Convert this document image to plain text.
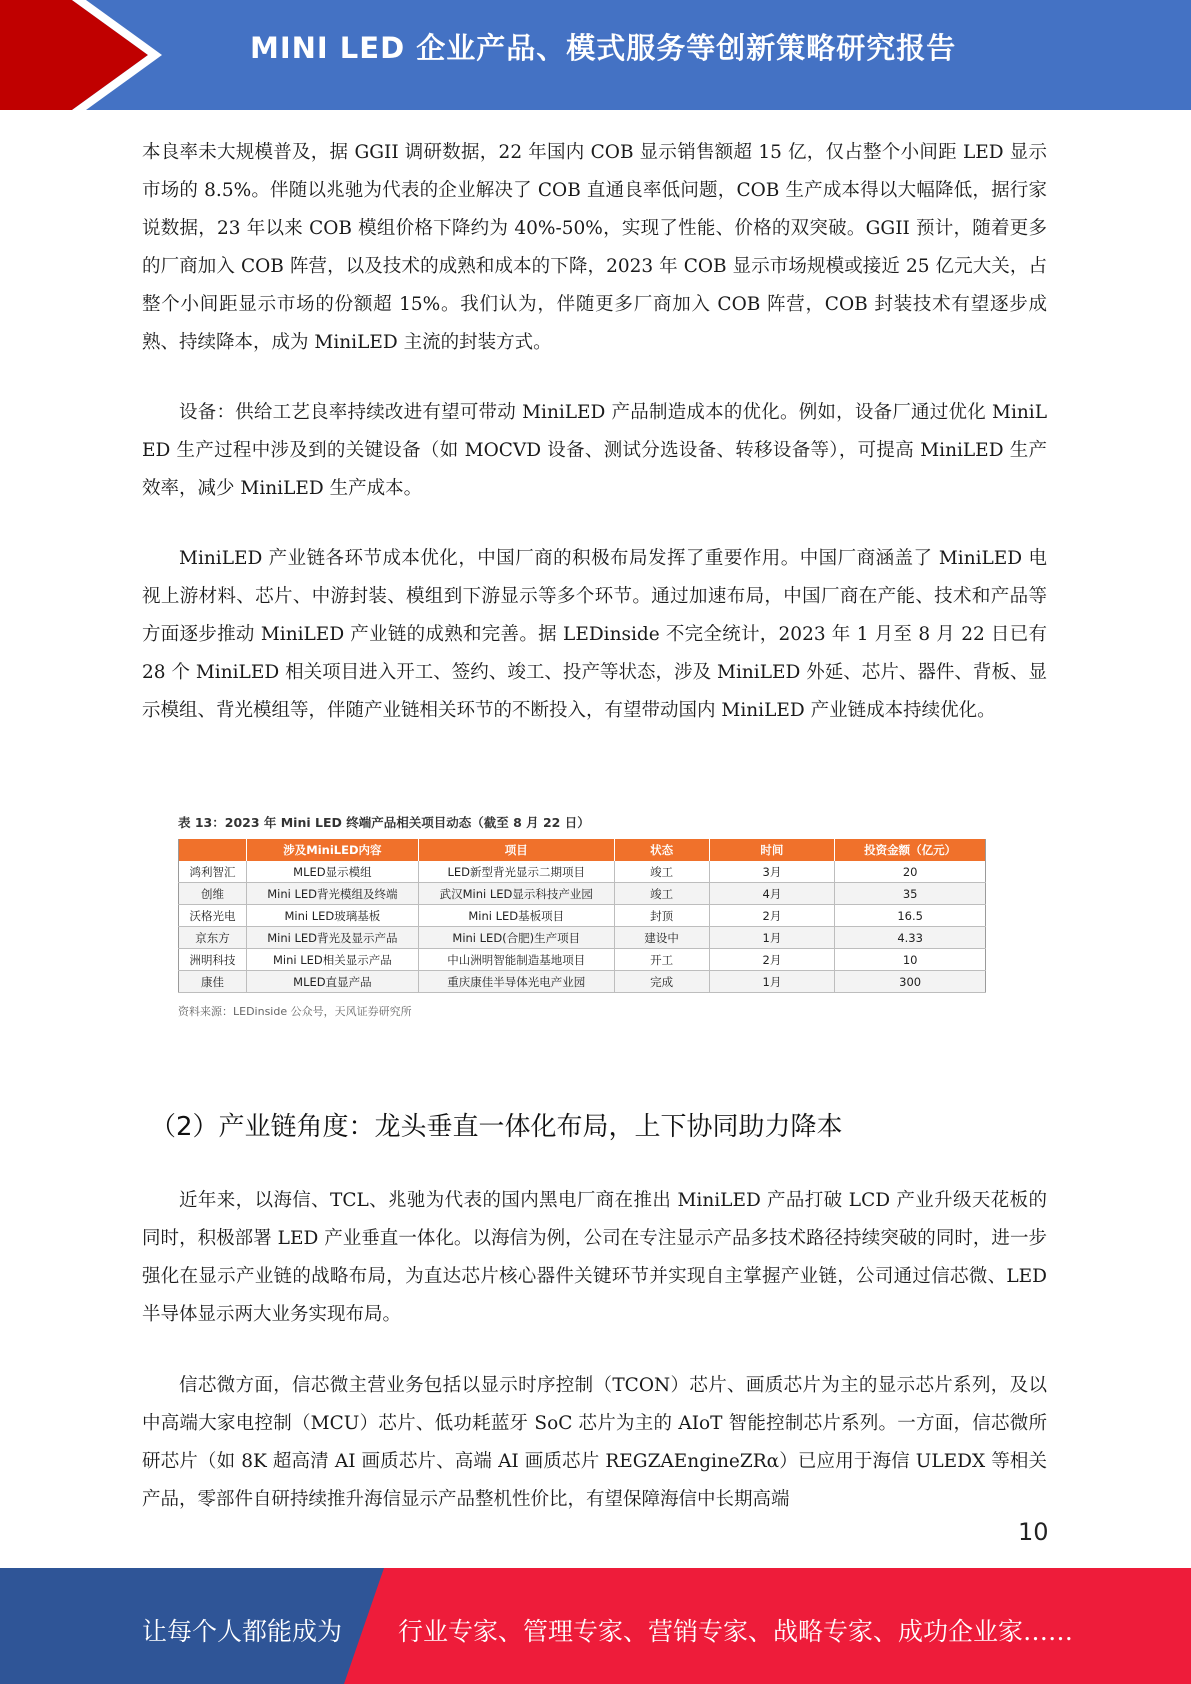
MINI LED 企业产品、模式服务等创新策略研究报告

本良率未大规模普及，据 GGII 调研数据，22 年国内 COB 显示销售额超 15 亿，仅占整个小间距 LED 显示市场的 8.5%。伴随以兆驰为代表的企业解决了 COB 直通良率低问题，COB 生产成本得以大幅降低，据行家说数据，23 年以来 COB 模组价格下降约为 40%-50%，实现了性能、价格的双突破。GGII 预计，随着更多的厂商加入 COB 阵营，以及技术的成熟和成本的下降，2023 年 COB 显示市场规模或接近 25 亿元大关，占整个小间距显示市场的份额超 15%。我们认为，伴随更多厂商加入 COB 阵营，COB 封装技术有望逐步成熟、持续降本，成为 MiniLED 主流的封装方式。

设备：供给工艺良率持续改进有望可带动 MiniLED 产品制造成本的优化。例如，设备厂通过优化 MiniLED 生产过程中涉及到的关键设备（如 MOCVD 设备、测试分选设备、转移设备等），可提高 MiniLED 生产效率，减少 MiniLED 生产成本。

MiniLED 产业链各环节成本优化，中国厂商的积极布局发挥了重要作用。中国厂商涵盖了 MiniLED 电视上游材料、芯片、中游封装、模组到下游显示等多个环节。通过加速布局，中国厂商在产能、技术和产品等方面逐步推动 MiniLED 产业链的成熟和完善。据 LEDinside 不完全统计，2023 年 1 月至 8 月 22 日已有 28 个 MiniLED 相关项目进入开工、签约、竣工、投产等状态，涉及 MiniLED 外延、芯片、器件、背板、显示模组、背光模组等，伴随产业链相关环节的不断投入，有望带动国内 MiniLED 产业链成本持续优化。

表 13：2023 年 Mini LED 终端产品相关项目动态（截至 8 月 22 日）
	涉及MiniLED内容	项目	状态	时间	投资金额（亿元）
鸿利智汇	MLED显示模组	LED新型背光显示二期项目	竣工	3月	20
创维	Mini LED背光模组及终端	武汉Mini LED显示科技产业园	竣工	4月	35
沃格光电	Mini LED玻璃基板	Mini LED基板项目	封顶	2月	16.5
京东方	Mini LED背光及显示产品	Mini LED(合肥)生产项目	建设中	1月	4.33
洲明科技	Mini LED相关显示产品	中山洲明智能制造基地项目	开工	2月	10
康佳	MLED直显产品	重庆康佳半导体光电产业园	完成	1月	300
资料来源：LEDinside 公众号，天风证券研究所
（2）产业链角度：龙头垂直一体化布局，上下协同助力降本

近年来，以海信、TCL、兆驰为代表的国内黑电厂商在推出 MiniLED 产品打破 LCD 产业升级天花板的同时，积极部署 LED 产业垂直一体化。以海信为例，公司在专注显示产品多技术路径持续突破的同时，进一步强化在显示产业链的战略布局，为直达芯片核心器件关键环节并实现自主掌握产业链，公司通过信芯微、LED 半导体显示两大业务实现布局。

信芯微方面，信芯微主营业务包括以显示时序控制（TCON）芯片、画质芯片为主的显示芯片系列，及以中高端大家电控制（MCU）芯片、低功耗蓝牙 SoC 芯片为主的 AIoT 智能控制芯片系列。一方面，信芯微所研芯片（如 8K 超高清 AI 画质芯片、高端 AI 画质芯片 REGZAEngineZRα）已应用于海信 ULEDX 等相关产品，零部件自研持续推升海信显示产品整机性价比，有望保障海信中长期高端

10
让每个人都能成为 行业专家、管理专家、营销专家、战略专家、成功企业家……
